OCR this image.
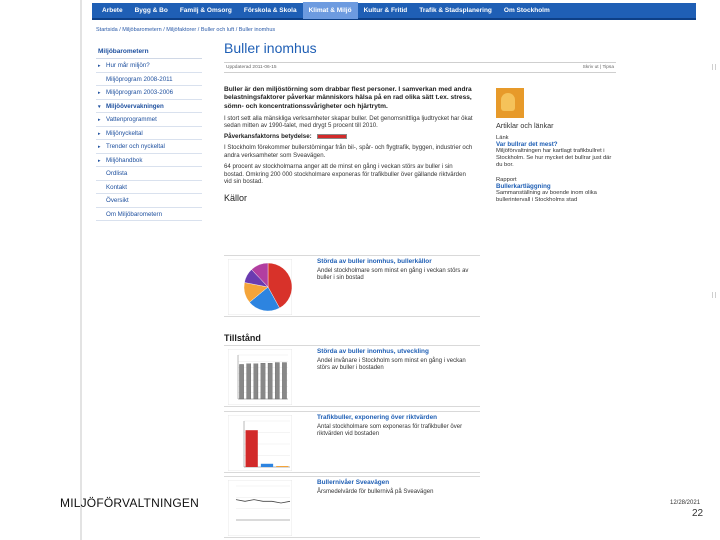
Arbete	Bygg & Bo	Familj & Omsorg	Förskola & Skola	Klimat & Miljö	Kultur & Fritid	Trafik & Stadsplanering	Om Stockholm
Startsida / Miljöbarometern / Miljöfaktorer / Buller och luft / Buller inomhus
Miljöbarometern
▸ Hur mår miljön?
Miljöprogram 2008-2011
▸ Miljöprogram 2003-2006
▾ Miljöövervakningen
▸ Vattenprogrammet
▸ Miljönyckeltal
▸ Trender och nyckeltal
▸ Miljöhandbok
Ordlista
Kontakt
Översikt
Om Miljöbarometern
Buller inomhus
Uppdaterad 2011-06-15	Skriv ut | Tipsa
Buller är den miljöstörning som drabbar flest personer. I samverkan med andra belastningsfaktorer påverkar människors hälsa på en rad olika sätt t.ex. stress, sömn- och koncentrationssvårigheter och hjärtrytm.
I stort sett alla mänskliga verksamheter skapar buller. Det genomsnittliga ljudtrycket har ökat sedan mitten av 1990-talet, med drygt 5 procent till 2010.
Påverkansfaktorns betydelse:
I Stockholm förekommer bullerstörningar från bil-, spår- och flygtrafik, byggen, industrier och andra verksamheter som Sveavägen.
64 procent av stockholmarna anger att de minst en gång i veckan störs av buller i sin bostad. Omkring 200 000 stockholmare exponeras för trafikbuller över gällande riktvärden vid sin bostad.
Källor
Tillstånd
Störda av buller inomhus, bullerkällor
Andel stockholmare som minst en gång i veckan störs av buller i sin bostad
Störda av buller inomhus, utveckling
Andel invånare i Stockholm som minst en gång i veckan störs av buller i bostaden
Trafikbuller, exponering över riktvärden
Antal stockholmare som exponeras för trafikbuller över riktvärden vid bostaden
Bullernivåer Sveavägen
Årsmedelvärde för bullernivå på Sveavägen
Artiklar och länkar
Länk
Var bullrar det mest?
Miljöförvaltningen har kartlagt trafikbullret i Stockholm. Se hur mycket det bullrar just där du bor.
Rapport
Bullerkartläggning
Sammanställning av boende inom olika bullerintervall i Stockholms stad
MILJÖFÖRVALTNINGEN	12/28/2021
22
